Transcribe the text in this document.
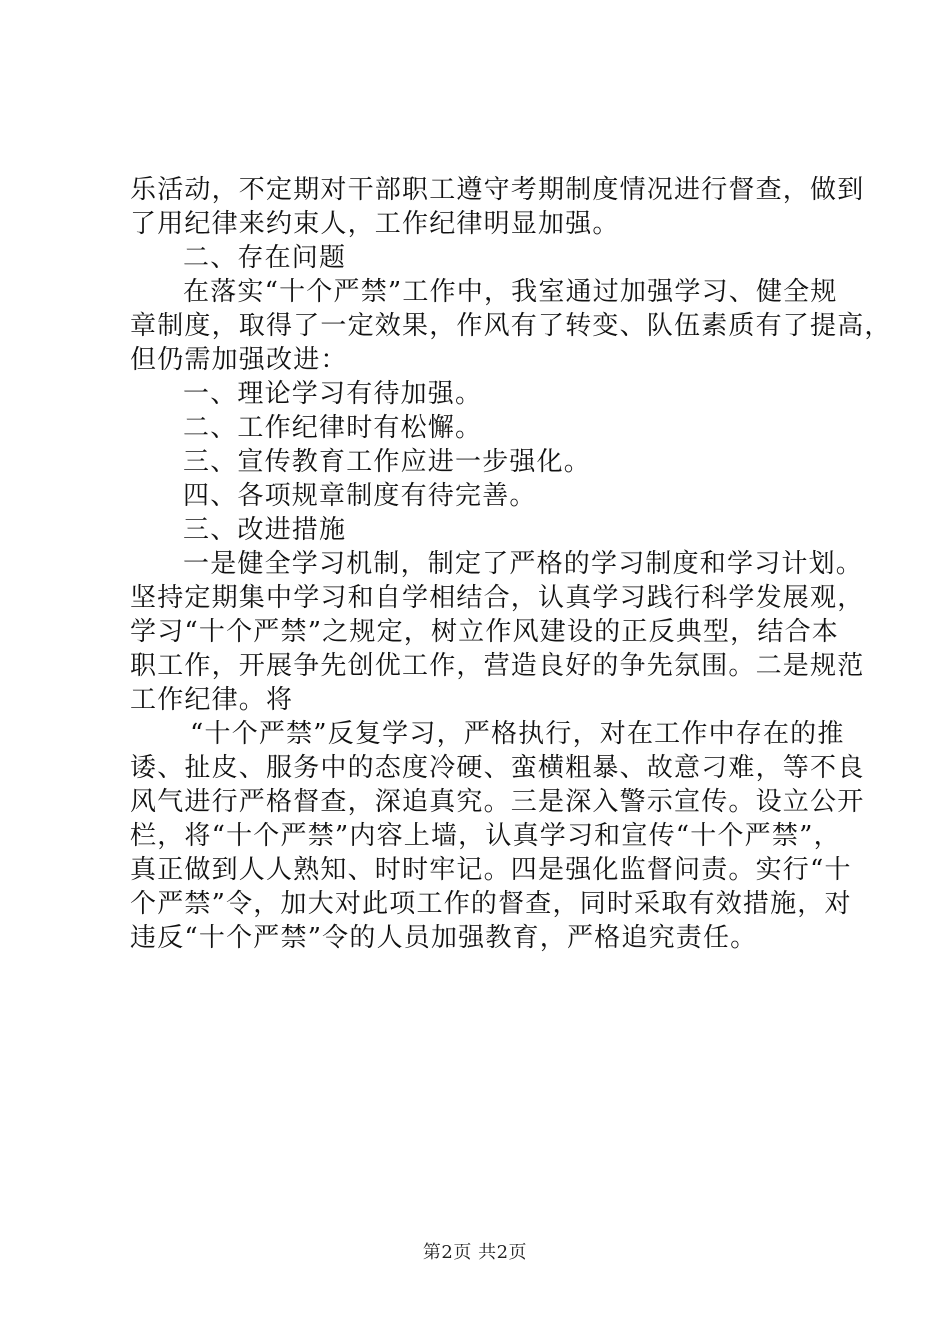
乐活动，不定期对干部职工遵守考期制度情况进行督查，做到
了用纪律来约束人，工作纪律明显加强。
二、存在问题
在落实“十个严禁”工作中，我室通过加强学习、健全规
章制度，取得了一定效果，作风有了转变、队伍素质有了提高，
但仍需加强改进：
一、理论学习有待加强。
二、工作纪律时有松懈。
三、宣传教育工作应进一步强化。
四、各项规章制度有待完善。
三、改进措施
一是健全学习机制，制定了严格的学习制度和学习计划。
坚持定期集中学习和自学相结合，认真学习践行科学发展观，
学习“十个严禁”之规定，树立作风建设的正反典型，结合本
职工作，开展争先创优工作，营造良好的争先氛围。二是规范
工作纪律。将
“十个严禁”反复学习，严格执行，对在工作中存在的推
诿、扯皮、服务中的态度冷硬、蛮横粗暴、故意刁难，等不良
风气进行严格督查，深追真究。三是深入警示宣传。设立公开
栏，将“十个严禁”内容上墙，认真学习和宣传“十个严禁”，
真正做到人人熟知、时时牢记。四是强化监督问责。实行“十
个严禁”令，加大对此项工作的督查，同时采取有效措施，对
违反“十个严禁”令的人员加强教育，严格追究责任。
第2页 共2页
